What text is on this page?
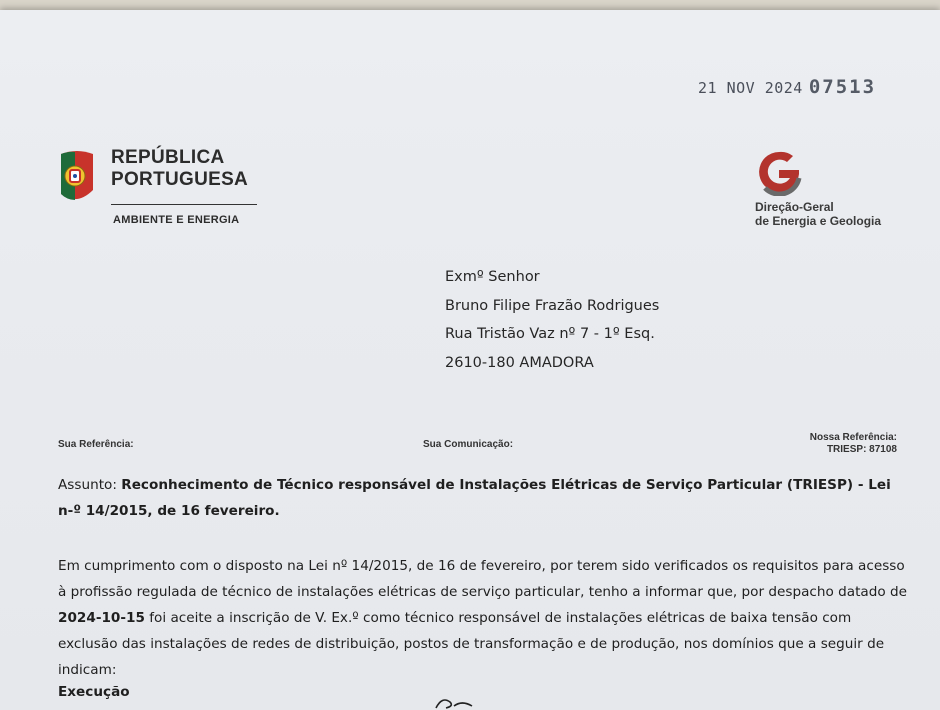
21 NOV 2024 07513
REPÚBLICA
PORTUGUESA
AMBIENTE E ENERGIA
Direção-Geral
de Energia e Geologia
Exmº Senhor
Bruno Filipe Frazão Rodrigues
Rua Tristão Vaz nº 7 - 1º Esq.
2610-180 AMADORA
Sua Referência:	Sua Comunicação:
Nossa Referência:
TRIESP: 87108
Assunto: Reconhecimento de Técnico responsável de Instalações Elétricas de Serviço Particular (TRIESP) - Lei n-º 14/2015, de 16 fevereiro.
Em cumprimento com o disposto na Lei nº 14/2015, de 16 de fevereiro, por terem sido verificados os requisitos para acesso à profissão regulada de técnico de instalações elétricas de serviço particular, tenho a informar que, por despacho datado de 2024-10-15 foi aceite a inscrição de V. Ex.º como técnico responsável de instalações elétricas de baixa tensão com exclusão das instalações de redes de distribuição, postos de transformação e de produção, nos domínios que a seguir de indicam:
Execução
